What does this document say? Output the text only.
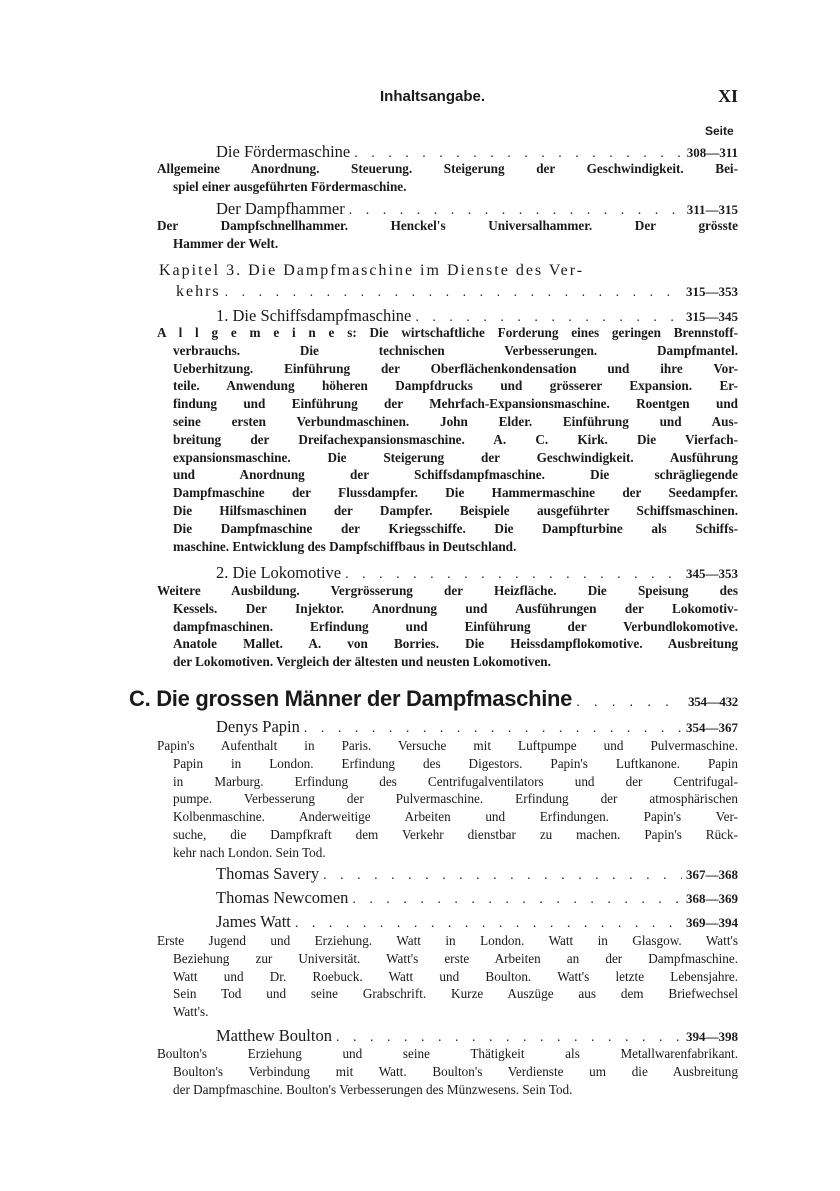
Inhaltsangabe.	XI
Seite
Die Fördermaschine . . .	308—311
Allgemeine Anordnung. Steuerung. Steigerung der Geschwindigkeit. Bei-
spiel einer ausgeführten Fördermaschine.
Der Dampfhammer . . .	311—315
Der Dampfschnellhammer. Henckel's Universalhammer. Der grösste
Hammer der Welt.
Kapitel 3. Die Dampfmaschine im Dienste des Ver-
kehrs . . .	315—353
1. Die Schiffsdampfmaschine . . .	315—345
A l l g e m e i n e s: Die wirtschaftliche Forderung eines geringen Brennstoff-
verbrauchs. Die technischen Verbesserungen. Dampfmantel.
Ueberhitzung. Einführung der Oberflächenkondensation und ihre Vor-
teile. Anwendung höheren Dampfdrucks und grösserer Expansion. Er-
findung und Einführung der Mehrfach-Expansionsmaschine. Roentgen und
seine ersten Verbundmaschinen. John Elder. Einführung und Aus-
breitung der Dreifachexpansionsmaschine. A. C. Kirk. Die Vierfach-
expansionsmaschine. Die Steigerung der Geschwindigkeit. Ausführung
und Anordnung der Schiffsdampfmaschine. Die schrägliegende
Dampfmaschine der Flussdampfer. Die Hammermaschine der Seedampfer.
Die Hilfsmaschinen der Dampfer. Beispiele ausgeführter Schiffsmaschinen.
Die Dampfmaschine der Kriegsschiffe. Die Dampfturbine als Schiffs-
maschine. Entwicklung des Dampfschiffbaus in Deutschland.
2. Die Lokomotive . . .	345—353
Weitere Ausbildung. Vergrösserung der Heizfläche. Die Speisung des
Kessels. Der Injektor. Anordnung und Ausführungen der Lokomotiv-
dampfmaschinen. Erfindung und Einführung der Verbundlokomotive.
Anatole Mallet. A. von Borries. Die Heissdampflokomotive. Ausbreitung
der Lokomotiven. Vergleich der ältesten und neusten Lokomotiven.
C. Die grossen Männer der Dampfmaschine . . .	354—432
Denys Papin . . .	354—367
Papin's Aufenthalt in Paris. Versuche mit Luftpumpe und Pulvermaschine.
Papin in London. Erfindung des Digestors. Papin's Luftkanone. Papin
in Marburg. Erfindung des Centrifugalventilators und der Centrifugal-
pumpe. Verbesserung der Pulvermaschine. Erfindung der atmosphärischen
Kolbenmaschine. Anderweitige Arbeiten und Erfindungen. Papin's Ver-
suche, die Dampfkraft dem Verkehr dienstbar zu machen. Papin's Rück-
kehr nach London. Sein Tod.
Thomas Savery . . .	367—368
Thomas Newcomen . . .	368—369
James Watt . . .	369—394
Erste Jugend und Erziehung. Watt in London. Watt in Glasgow. Watt's
Beziehung zur Universität. Watt's erste Arbeiten an der Dampfmaschine.
Watt und Dr. Roebuck. Watt und Boulton. Watt's letzte Lebensjahre.
Sein Tod und seine Grabschrift. Kurze Auszüge aus dem Briefwechsel
Watt's.
Matthew Boulton . . .	394—398
Boulton's Erziehung und seine Thätigkeit als Metallwarenfabrikant.
Boulton's Verbindung mit Watt. Boulton's Verdienste um die Ausbreitung
der Dampfmaschine. Boulton's Verbesserungen des Münzwesens. Sein Tod.
